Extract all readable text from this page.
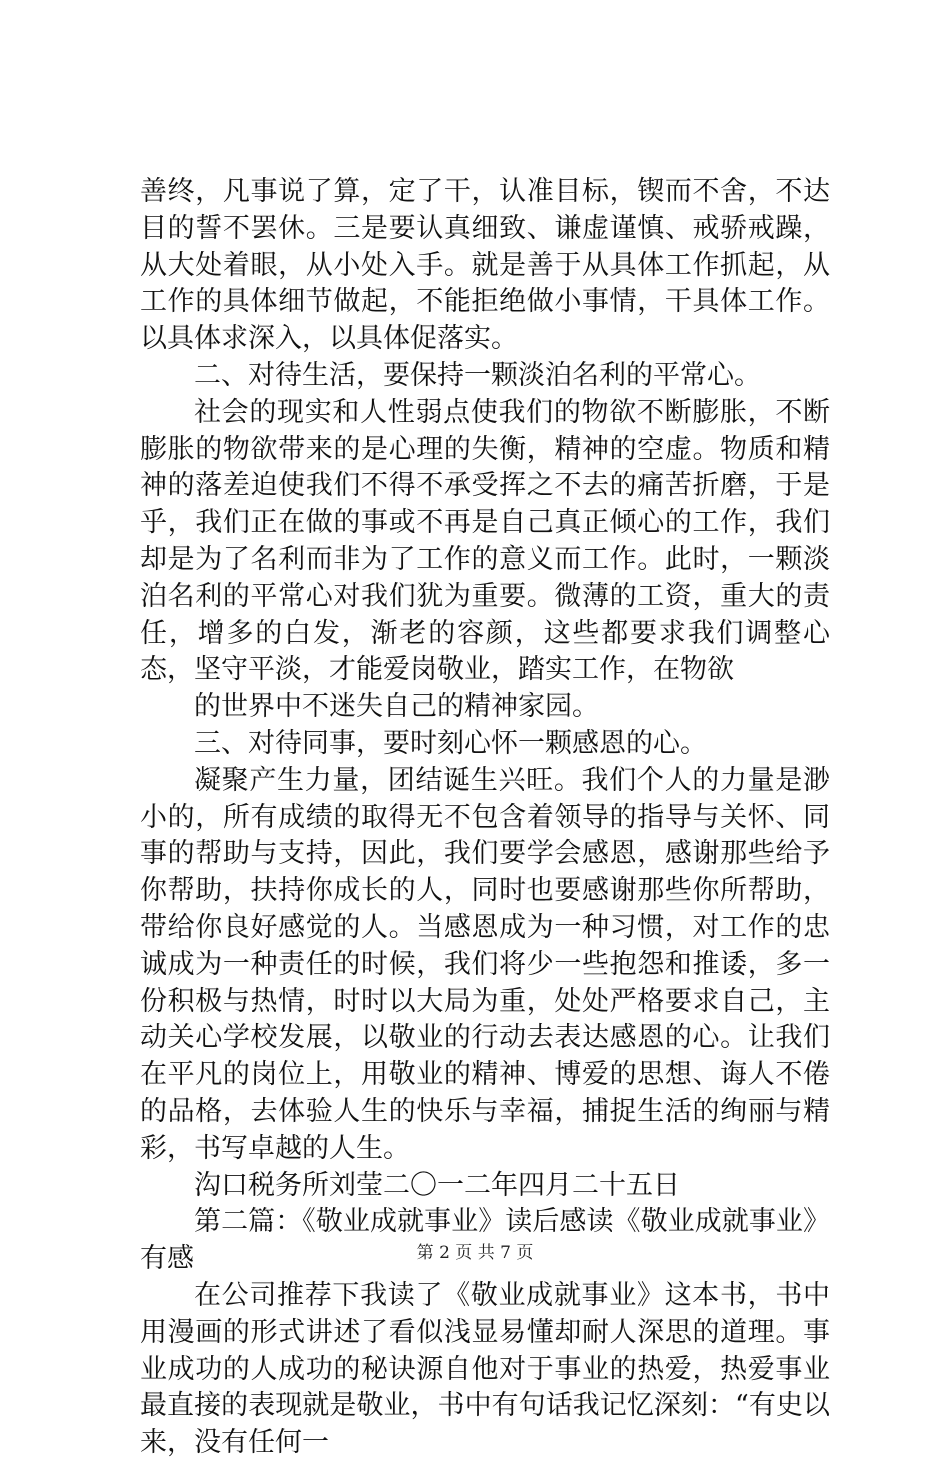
善终，凡事说了算，定了干，认准目标，锲而不舍，不达目的誓不罢休。三是要认真细致、谦虚谨慎、戒骄戒躁，从大处着眼，从小处入手。就是善于从具体工作抓起，从工作的具体细节做起，不能拒绝做小事情，干具体工作。以具体求深入，以具体促落实。

二、对待生活，要保持一颗淡泊名利的平常心。

社会的现实和人性弱点使我们的物欲不断膨胀，不断膨胀的物欲带来的是心理的失衡，精神的空虚。物质和精神的落差迫使我们不得不承受挥之不去的痛苦折磨，于是乎，我们正在做的事或不再是自己真正倾心的工作，我们却是为了名利而非为了工作的意义而工作。此时，一颗淡泊名利的平常心对我们犹为重要。微薄的工资，重大的责任，增多的白发，渐老的容颜，这些都要求我们调整心态，坚守平淡，才能爱岗敬业，踏实工作，在物欲

的世界中不迷失自己的精神家园。

三、对待同事，要时刻心怀一颗感恩的心。

凝聚产生力量，团结诞生兴旺。我们个人的力量是渺小的，所有成绩的取得无不包含着领导的指导与关怀、同事的帮助与支持，因此，我们要学会感恩，感谢那些给予你帮助，扶持你成长的人，同时也要感谢那些你所帮助，带给你良好感觉的人。当感恩成为一种习惯，对工作的忠诚成为一种责任的时候，我们将少一些抱怨和推诿，多一份积极与热情，时时以大局为重，处处严格要求自己，主动关心学校发展，以敬业的行动去表达感恩的心。让我们在平凡的岗位上，用敬业的精神、博爱的思想、诲人不倦的品格，去体验人生的快乐与幸福，捕捉生活的绚丽与精彩，书写卓越的人生。

沟口税务所刘莹二〇一二年四月二十五日

第二篇：《敬业成就事业》读后感读《敬业成就事业》有感

在公司推荐下我读了《敬业成就事业》这本书，书中用漫画的形式讲述了看似浅显易懂却耐人深思的道理。事业成功的人成功的秘诀源自他对于事业的热爱，热爱事业最直接的表现就是敬业，书中有句话我记忆深刻：“有史以来，没有任何一

第 2 页 共 7 页
